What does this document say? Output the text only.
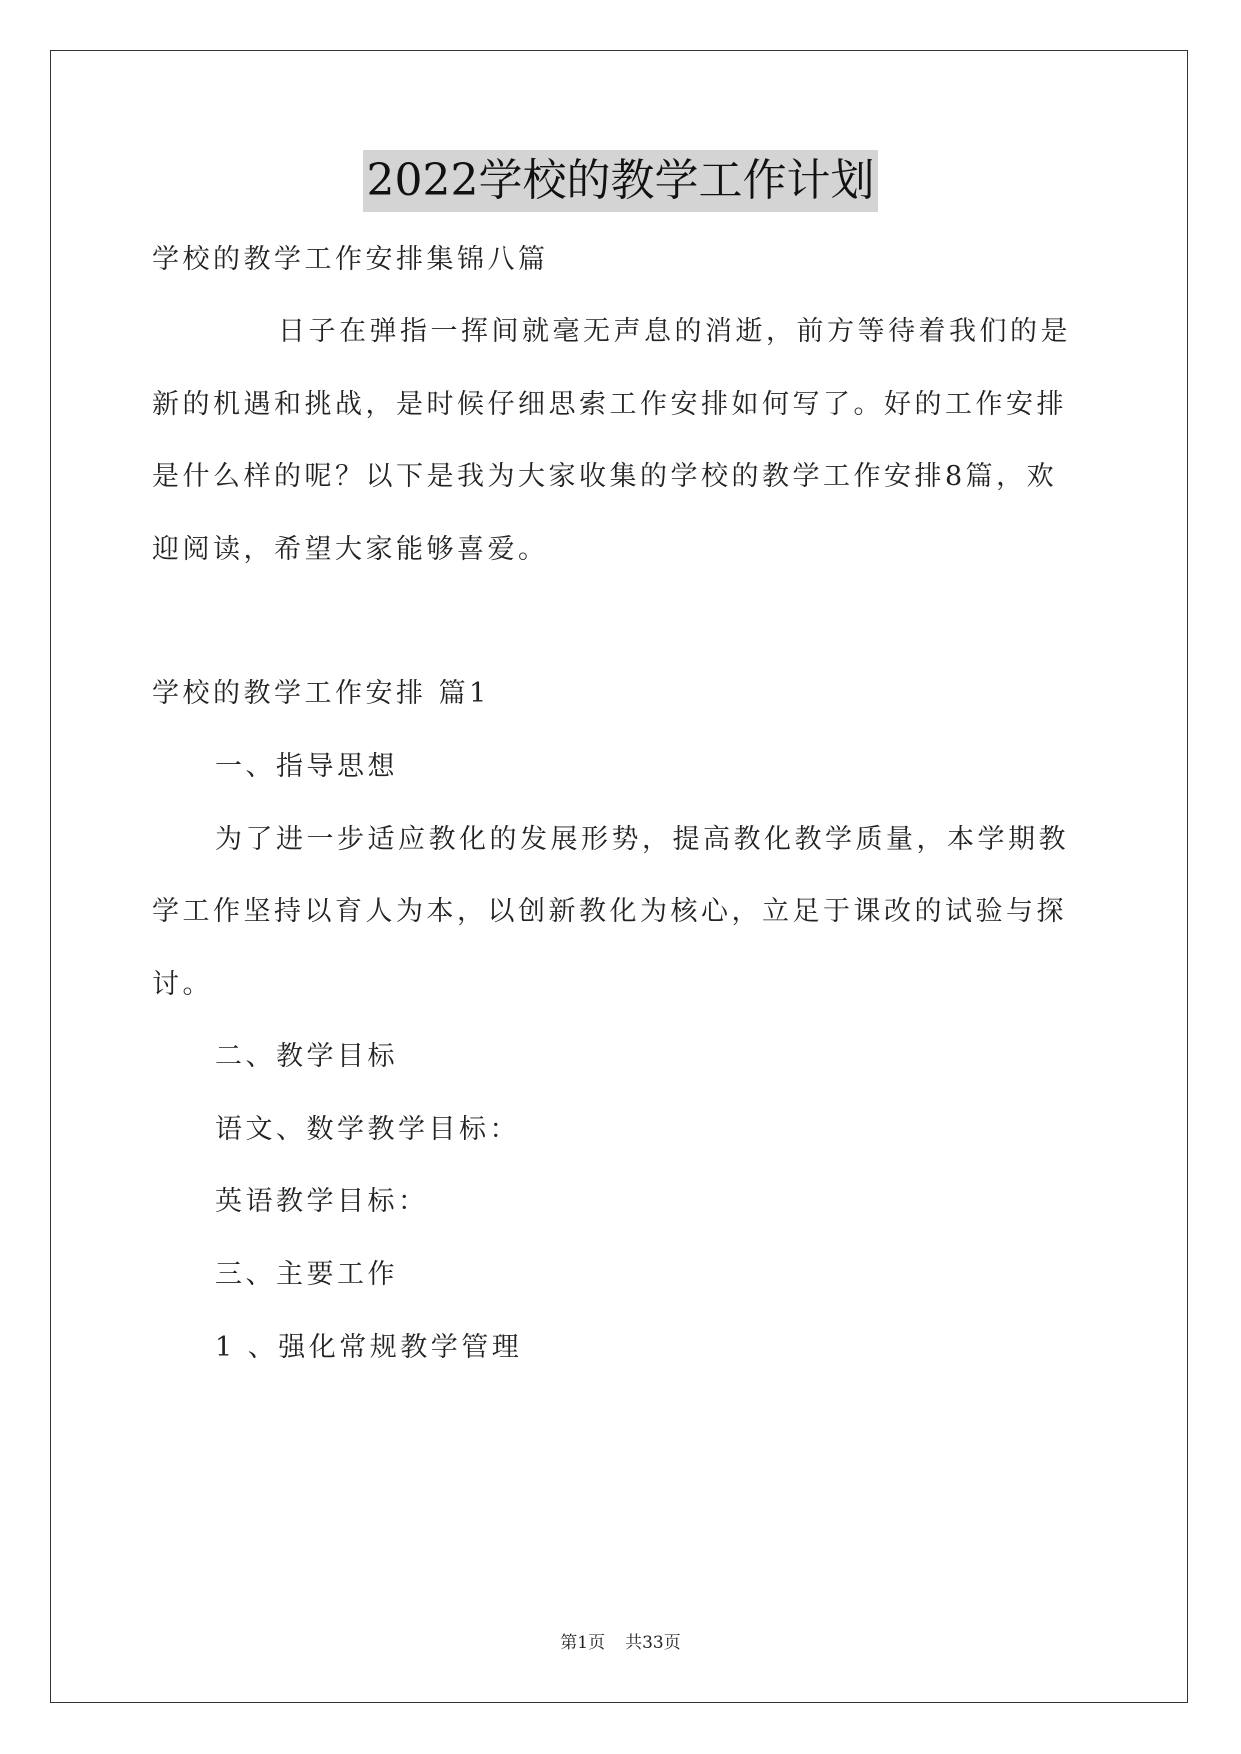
2022学校的教学工作计划
学校的教学工作安排集锦八篇
日子在弹指一挥间就毫无声息的消逝，前方等待着我们的是
新的机遇和挑战，是时候仔细思索工作安排如何写了。好的工作安排
是什么样的呢？以下是我为大家收集的学校的教学工作安排8篇，欢
迎阅读，希望大家能够喜爱。
学校的教学工作安排 篇1
一、指导思想
为了进一步适应教化的发展形势，提高教化教学质量，本学期教
学工作坚持以育人为本，以创新教化为核心，立足于课改的试验与探
讨。
二、教学目标
语文、数学教学目标：
英语教学目标：
三、主要工作
1 、强化常规教学管理
第1页 共33页
